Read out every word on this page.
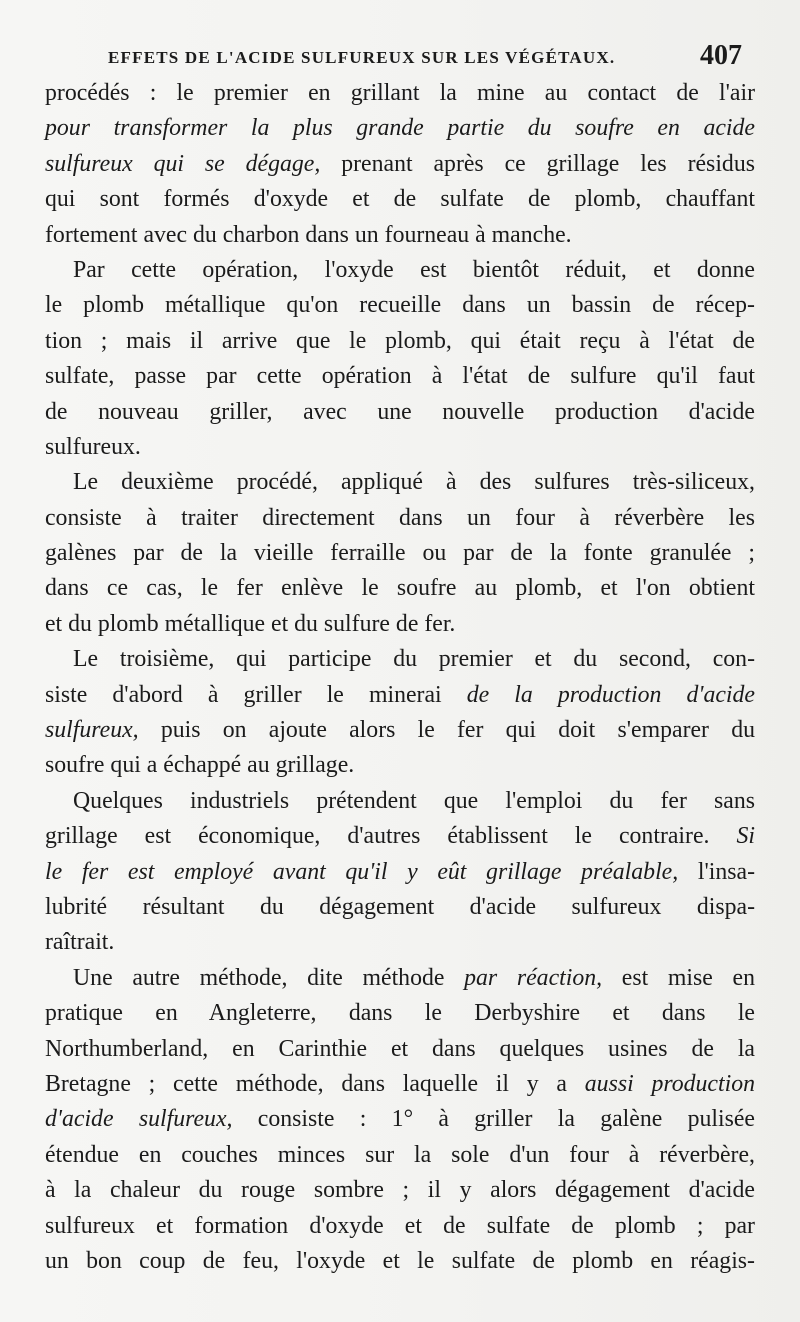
EFFETS DE L'ACIDE SULFUREUX SUR LES VÉGÉTAUX.	407
procédés : le premier en grillant la mine au contact de l'air
pour transformer la plus grande partie du soufre en acide
sulfureux qui se dégage, prenant après ce grillage les résidus
qui sont formés d'oxyde et de sulfate de plomb, chauffant
fortement avec du charbon dans un fourneau à manche.
Par cette opération, l'oxyde est bientôt réduit, et donne
le plomb métallique qu'on recueille dans un bassin de récep-
tion ; mais il arrive que le plomb, qui était reçu à l'état de
sulfate, passe par cette opération à l'état de sulfure qu'il faut
de nouveau griller, avec une nouvelle production d'acide
sulfureux.
Le deuxième procédé, appliqué à des sulfures très-siliceux,
consiste à traiter directement dans un four à réverbère les
galènes par de la vieille ferraille ou par de la fonte granulée ;
dans ce cas, le fer enlève le soufre au plomb, et l'on obtient
et du plomb métallique et du sulfure de fer.
Le troisième, qui participe du premier et du second, con-
siste d'abord à griller le minerai de la production d'acide
sulfureux, puis on ajoute alors le fer qui doit s'emparer du
soufre qui a échappé au grillage.
Quelques industriels prétendent que l'emploi du fer sans
grillage est économique, d'autres établissent le contraire. Si
le fer est employé avant qu'il y eût grillage préalable, l'insa-
lubrité résultant du dégagement d'acide sulfureux dispa-
raîtrait.
Une autre méthode, dite méthode par réaction, est mise en
pratique en Angleterre, dans le Derbyshire et dans le
Northumberland, en Carinthie et dans quelques usines de la
Bretagne ; cette méthode, dans laquelle il y a aussi production
d'acide sulfureux, consiste : 1° à griller la galène pulisée
étendue en couches minces sur la sole d'un four à réverbère,
à la chaleur du rouge sombre ; il y alors dégagement d'acide
sulfureux et formation d'oxyde et de sulfate de plomb ; par
un bon coup de feu, l'oxyde et le sulfate de plomb en réagis-
